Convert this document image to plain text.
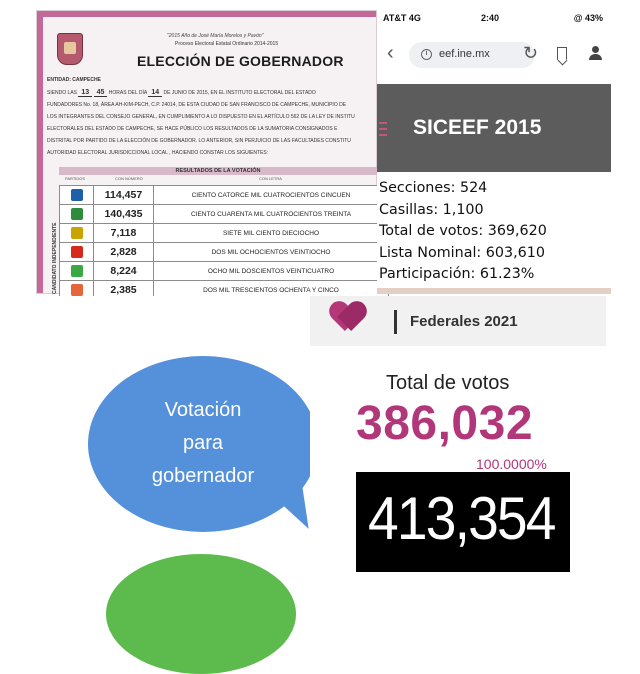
"2015 Año de José María Morelos y Pavón"
Proceso Electoral Estatal Ordinario 2014-2015
ELECCIÓN DE GOBERNADOR
ENTIDAD: CAMPECHE
SIENDO LAS 13 45 HORAS DEL DÍA 14 DE JUNIO DE 2015, EN EL INSTITUTO ELECTORAL DEL ESTADO
FUNDADORES No. 18, ÁREA AH-KIM-PECH, C.P. 24014, DE ESTA CIUDAD DE SAN FRANCISCO DE CAMPECHE, MUNICIPIO DE
LOS INTEGRANTES DEL CONSEJO GENERAL, EN CUMPLIMIENTO A LO DISPUESTO EN EL ARTÍCULO 562 DE LA LEY DE INSTITU
ELECTORALES DEL ESTADO DE CAMPECHE, SE HACE PÚBLICO LOS RESULTADOS DE LA SUMATORIA CONSIGNADOS E
DISTRITAL POR PARTIDO DE LA ELECCIÓN DE GOBERNADOR. LO ANTERIOR, SIN PERJUICIO DE LAS FACULTADES CONSTITU
AUTORIDAD ELECTORAL JURISDICCIONAL LOCAL , HACIENDO CONSTAR LOS SIGUIENTES:
RESULTADOS DE LA VOTACIÓN
PARTIDOS	CON NÚMERO	CON LETRA
CANDIDATO INDEPENDIENTE
	114,457	CIENTO CATORCE MIL CUATROCIENTOS CINCUEN
	140,435	CIENTO CUARENTA MIL CUATROCIENTOS TREINTA
	7,118	SIETE MIL CIENTO DIECIOCHO
	2,828	DOS MIL OCHOCIENTOS VEINTIOCHO
	8,224	OCHO MIL DOSCIENTOS VEINTICUATRO
	2,385	DOS MIL TRESCIENTOS OCHENTA Y CINCO

AT&T 4G	2:40	@ 43%
‹	i	eef.ine.mx ↻
SICEEF 2015
Secciones: 524
Casillas: 1,100
Total de votos: 369,620
Lista Nominal: 603,610
Participación: 61.23%
Votación
para
gobernador
Federales 2021
Total de votos
386,032
100.0000%
413,354
